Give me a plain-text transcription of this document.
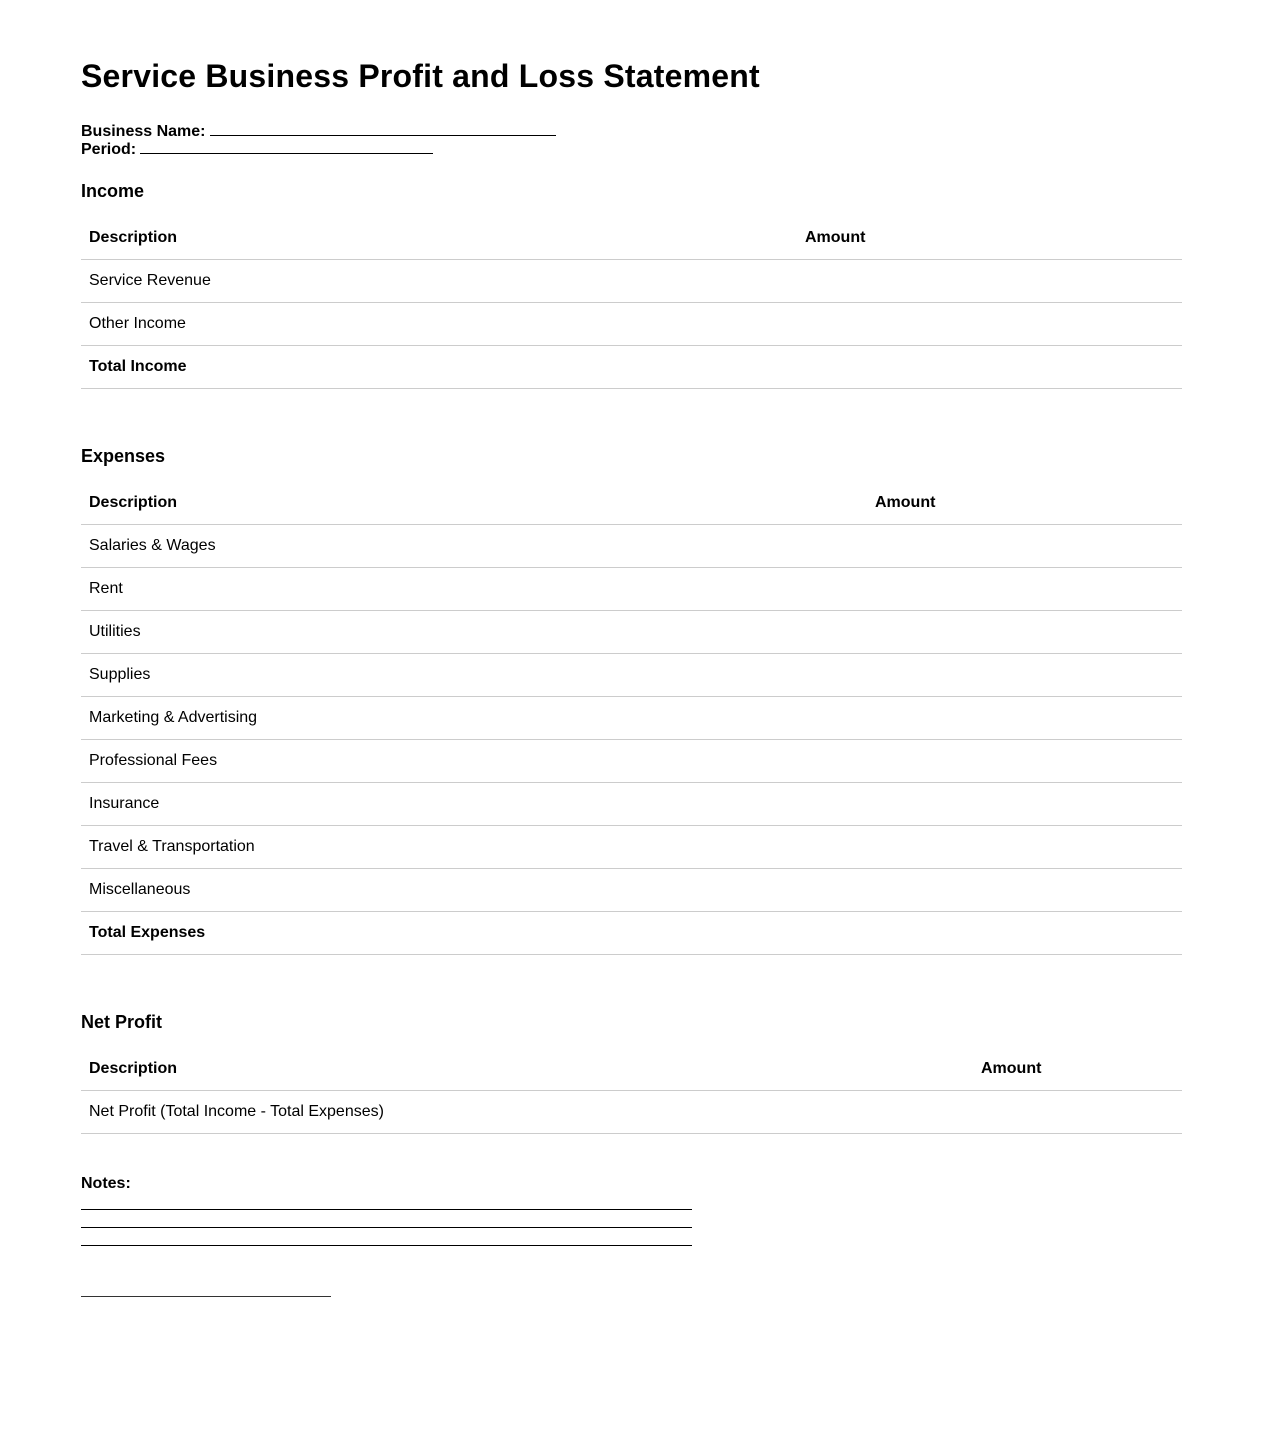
Service Business Profit and Loss Statement
Business Name:
Period:
Income
Description	Amount
Service Revenue	
Other Income	
Total Income	
Expenses
Description	Amount
Salaries & Wages	
Rent	
Utilities	
Supplies	
Marketing & Advertising	
Professional Fees	
Insurance	
Travel & Transportation	
Miscellaneous	
Total Expenses	
Net Profit
Description	Amount
Net Profit (Total Income - Total Expenses)	
Notes:
